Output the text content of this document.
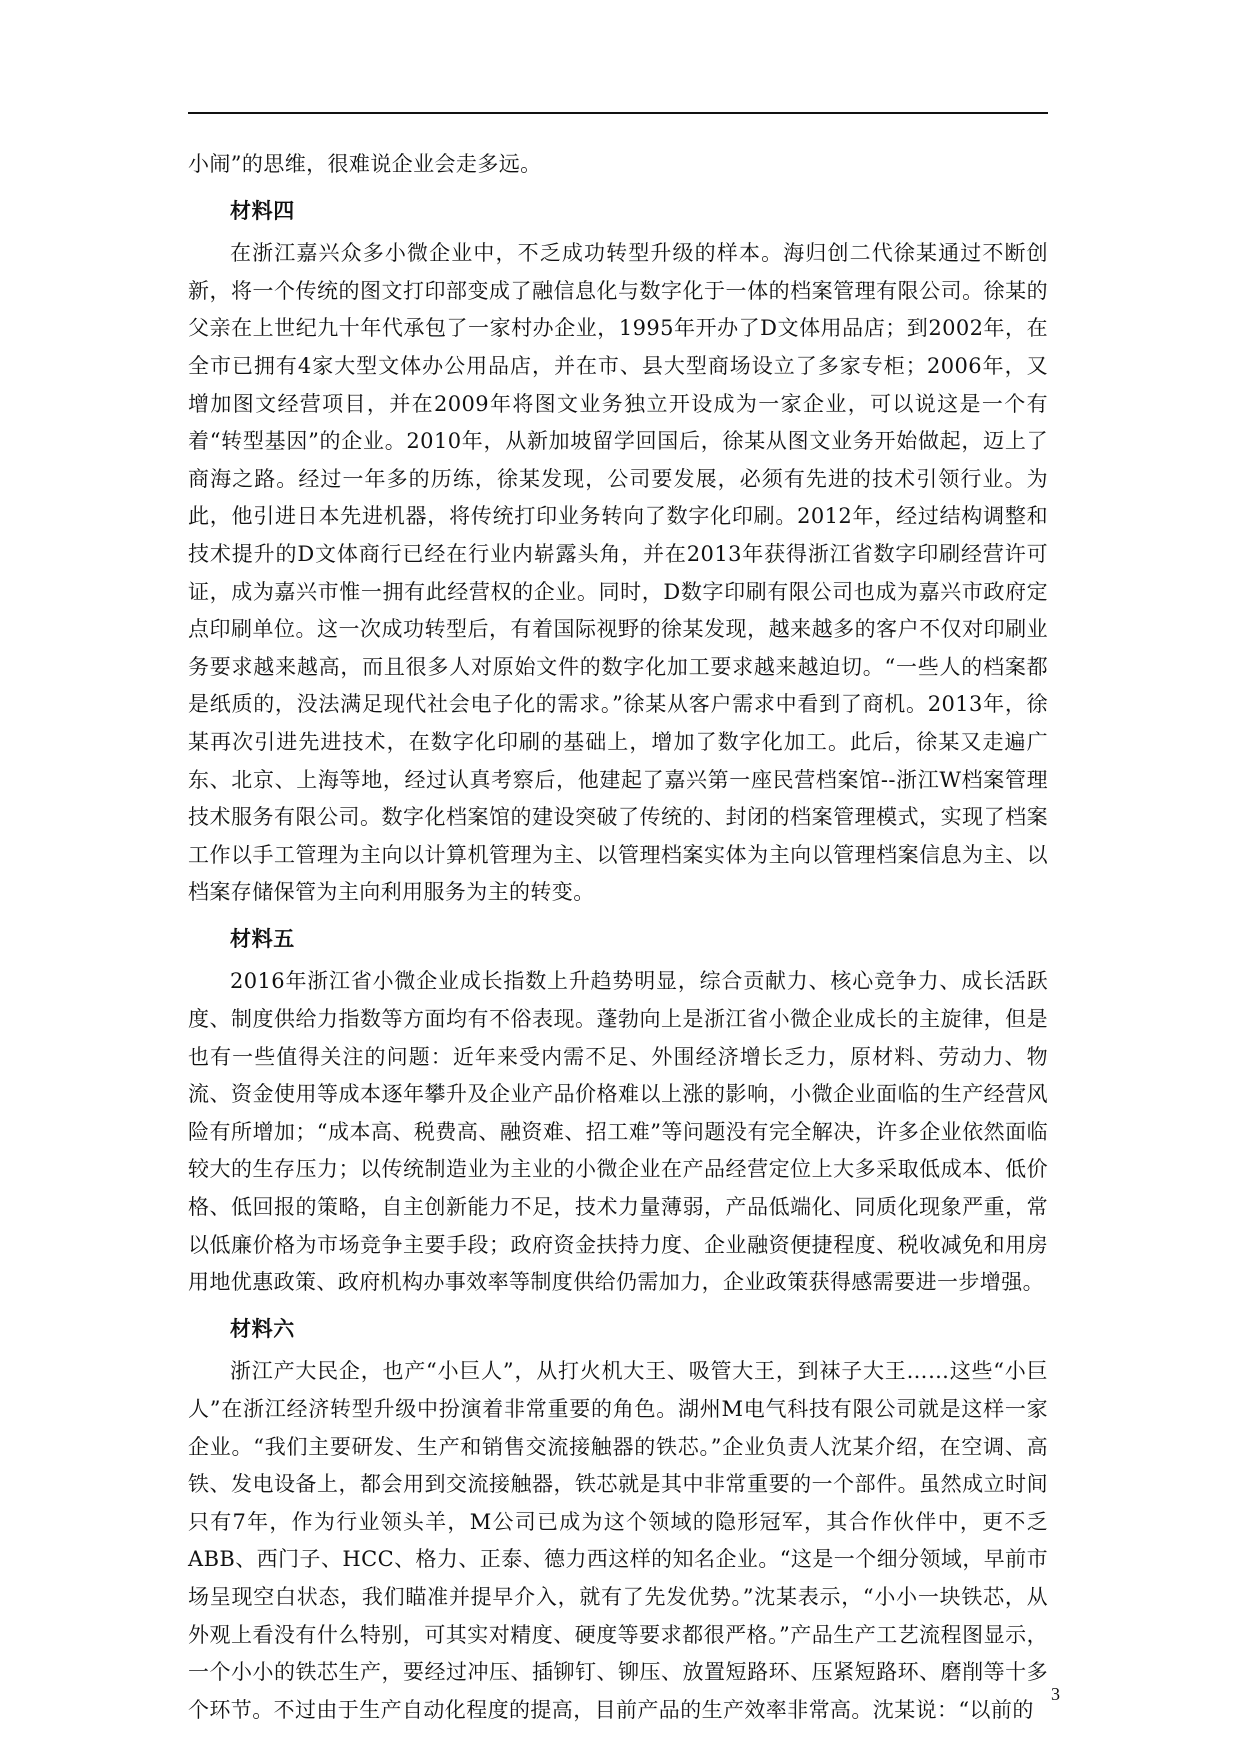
小闹”的思维，很难说企业会走多远。

材料四

在浙江嘉兴众多小微企业中，不乏成功转型升级的样本。海归创二代徐某通过不断创新，将一个传统的图文打印部变成了融信息化与数字化于一体的档案管理有限公司。徐某的父亲在上世纪九十年代承包了一家村办企业，1995年开办了D文体用品店；到2002年，在全市已拥有4家大型文体办公用品店，并在市、县大型商场设立了多家专柜；2006年，又增加图文经营项目，并在2009年将图文业务独立开设成为一家企业，可以说这是一个有着“转型基因”的企业。2010年，从新加坡留学回国后，徐某从图文业务开始做起，迈上了商海之路。经过一年多的历练，徐某发现，公司要发展，必须有先进的技术引领行业。为此，他引进日本先进机器，将传统打印业务转向了数字化印刷。2012年，经过结构调整和技术提升的D文体商行已经在行业内崭露头角，并在2013年获得浙江省数字印刷经营许可证，成为嘉兴市惟一拥有此经营权的企业。同时，D数字印刷有限公司也成为嘉兴市政府定点印刷单位。这一次成功转型后，有着国际视野的徐某发现，越来越多的客户不仅对印刷业务要求越来越高，而且很多人对原始文件的数字化加工要求越来越迫切。“一些人的档案都是纸质的，没法满足现代社会电子化的需求。”徐某从客户需求中看到了商机。2013年，徐某再次引进先进技术，在数字化印刷的基础上，增加了数字化加工。此后，徐某又走遍广东、北京、上海等地，经过认真考察后，他建起了嘉兴第一座民营档案馆--浙江W档案管理技术服务有限公司。数字化档案馆的建设突破了传统的、封闭的档案管理模式，实现了档案工作以手工管理为主向以计算机管理为主、以管理档案实体为主向以管理档案信息为主、以档案存储保管为主向利用服务为主的转变。

材料五

2016年浙江省小微企业成长指数上升趋势明显，综合贡献力、核心竞争力、成长活跃度、制度供给力指数等方面均有不俗表现。蓬勃向上是浙江省小微企业成长的主旋律，但是也有一些值得关注的问题：近年来受内需不足、外围经济增长乏力，原材料、劳动力、物流、资金使用等成本逐年攀升及企业产品价格难以上涨的影响，小微企业面临的生产经营风险有所增加；“成本高、税费高、融资难、招工难”等问题没有完全解决，许多企业依然面临较大的生存压力；以传统制造业为主业的小微企业在产品经营定位上大多采取低成本、低价格、低回报的策略，自主创新能力不足，技术力量薄弱，产品低端化、同质化现象严重，常以低廉价格为市场竞争主要手段；政府资金扶持力度、企业融资便捷程度、税收减免和用房用地优惠政策、政府机构办事效率等制度供给仍需加力，企业政策获得感需要进一步增强。

材料六

浙江产大民企，也产“小巨人”，从打火机大王、吸管大王，到袜子大王……这些“小巨人”在浙江经济转型升级中扮演着非常重要的角色。湖州M电气科技有限公司就是这样一家企业。“我们主要研发、生产和销售交流接触器的铁芯。”企业负责人沈某介绍，在空调、高铁、发电设备上，都会用到交流接触器，铁芯就是其中非常重要的一个部件。虽然成立时间只有7年，作为行业领头羊，M公司已成为这个领域的隐形冠军，其合作伙伴中，更不乏ABB、西门子、HCC、格力、正泰、德力西这样的知名企业。“这是一个细分领域，早前市场呈现空白状态，我们瞄准并提早介入，就有了先发优势。”沈某表示，“小小一块铁芯，从外观上看没有什么特别，可其实对精度、硬度等要求都很严格。”产品生产工艺流程图显示，一个小小的铁芯生产，要经过冲压、插铆钉、铆压、放置短路环、压紧短路环、磨削等十多个环节。不过由于生产自动化程度的提高，目前产品的生产效率非常高。沈某说：“以前的

3
